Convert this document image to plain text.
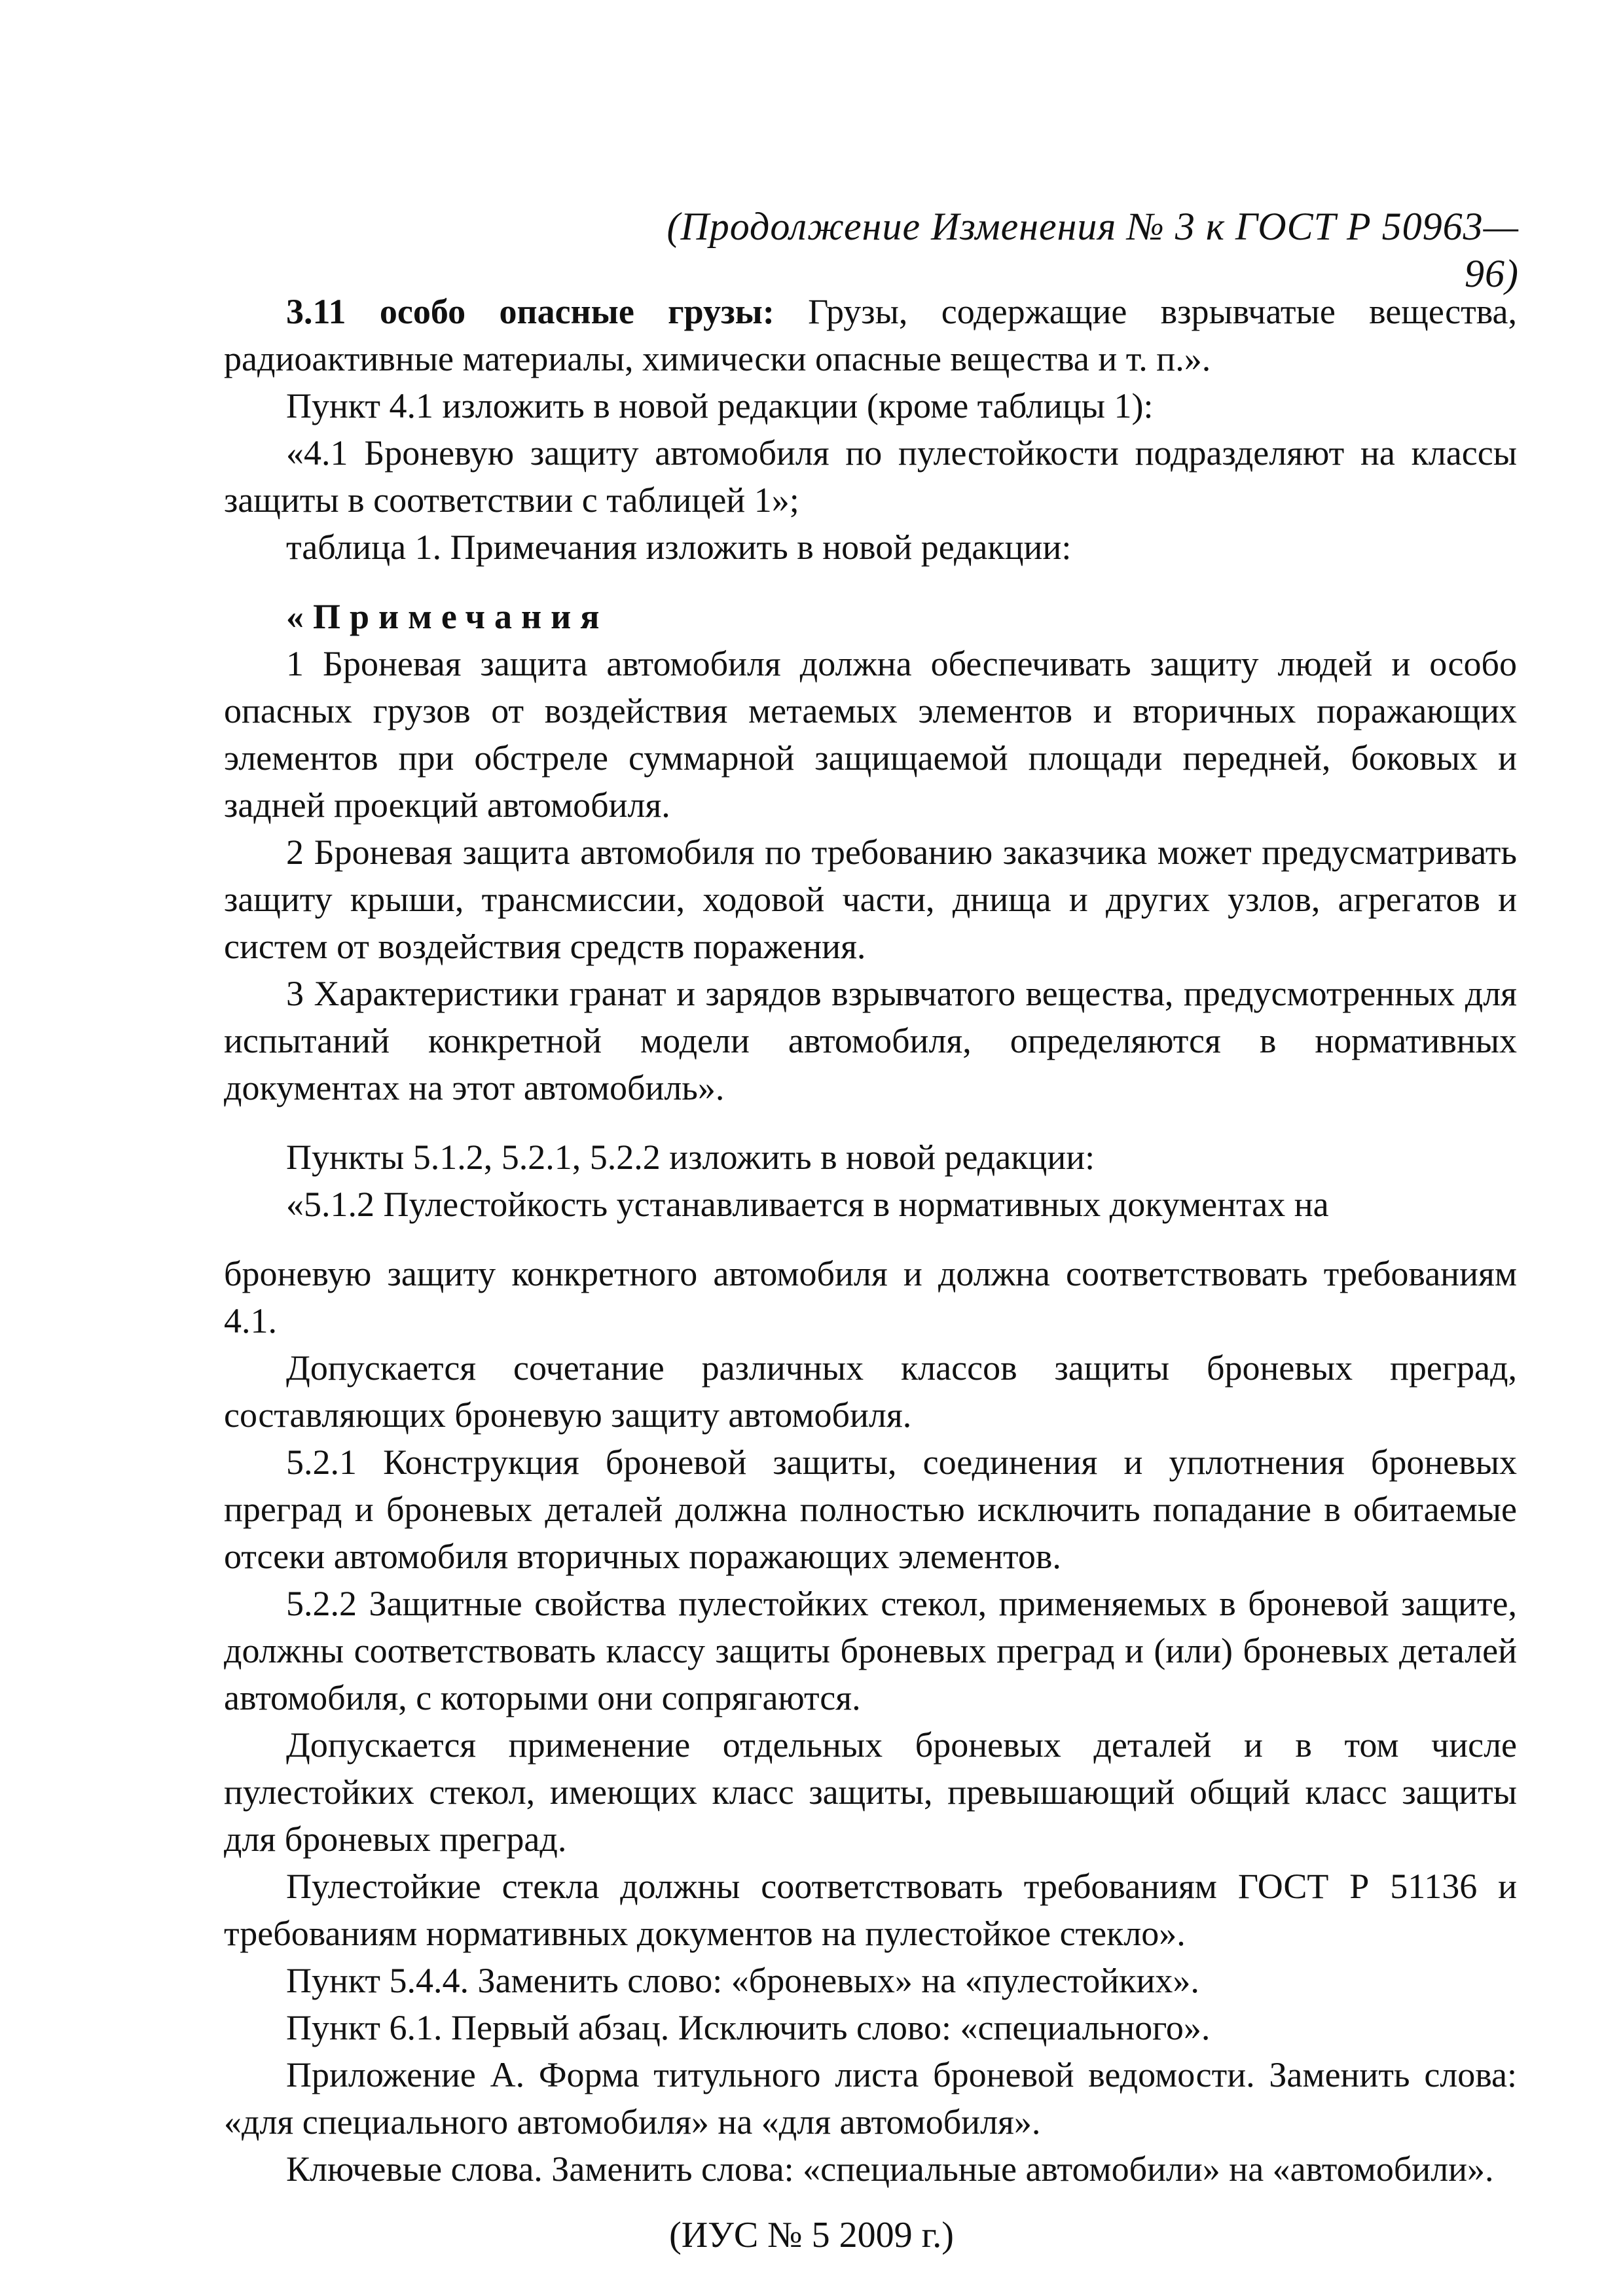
(Продолжение Изменения № 3 к ГОСТ Р 50963—96)

3.11 особо опасные грузы: Грузы, содержащие взрывчатые вещества, радиоактивные материалы, химически опасные вещества и т. п.».

Пункт 4.1 изложить в новой редакции (кроме таблицы 1):

«4.1 Броневую защиту автомобиля по пулестойкости подразделяют на классы защиты в соответствии с таблицей 1»;

таблица 1. Примечания изложить в новой редакции:

«Примечания

1 Броневая защита автомобиля должна обеспечивать защиту людей и особо опасных грузов от воздействия метаемых элементов и вторичных поражающих элементов при обстреле суммарной защищаемой площади передней, боковых и задней проекций автомобиля.

2 Броневая защита автомобиля по требованию заказчика может предусматривать защиту крыши, трансмиссии, ходовой части, днища и других узлов, агрегатов и систем от воздействия средств поражения.

3 Характеристики гранат и зарядов взрывчатого вещества, предусмотренных для испытаний конкретной модели автомобиля, определяются в нормативных документах на этот автомобиль».

Пункты 5.1.2, 5.2.1, 5.2.2 изложить в новой редакции:

«5.1.2 Пулестойкость устанавливается в нормативных документах на

броневую защиту конкретного автомобиля и должна соответствовать требованиям 4.1.

Допускается сочетание различных классов защиты броневых преград, составляющих броневую защиту автомобиля.

5.2.1 Конструкция броневой защиты, соединения и уплотнения броневых преград и броневых деталей должна полностью исключить попадание в обитаемые отсеки автомобиля вторичных поражающих элементов.

5.2.2 Защитные свойства пулестойких стекол, применяемых в броневой защите, должны соответствовать классу защиты броневых преград и (или) броневых деталей автомобиля, с которыми они сопрягаются.

Допускается применение отдельных броневых деталей и в том числе пулестойких стекол, имеющих класс защиты, превышающий общий класс защиты для броневых преград.

Пулестойкие стекла должны соответствовать требованиям ГОСТ Р 51136 и требованиям нормативных документов на пулестойкое стекло».

Пункт 5.4.4. Заменить слово: «броневых» на «пулестойких».

Пункт 6.1. Первый абзац. Исключить слово: «специального».

Приложение А. Форма титульного листа броневой ведомости. Заменить слова: «для специального автомобиля» на «для автомобиля».

Ключевые слова. Заменить слова: «специальные автомобили» на «автомобили».

(ИУС № 5 2009 г.)
